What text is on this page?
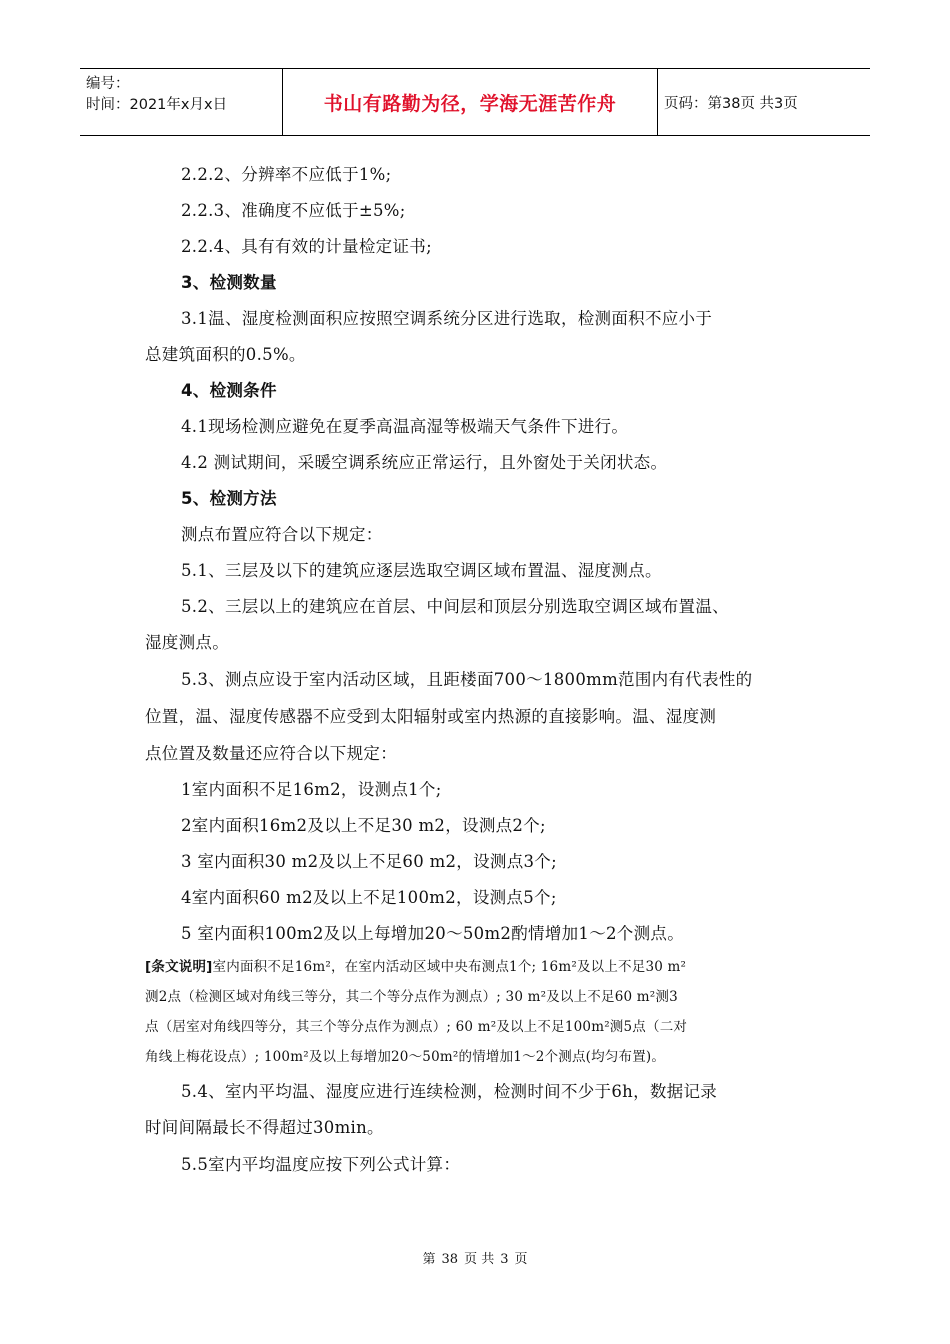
编号：
时间：2021年x月x日	书山有路勤为径，学海无涯苦作舟	页码：第38页 共3页
2.2.2、分辨率不应低于1%;
2.2.3、准确度不应低于±5%;
2.2.4、具有有效的计量检定证书;
3、检测数量
3.1温、湿度检测面积应按照空调系统分区进行选取，检测面积不应小于
总建筑面积的0.5%。
4、检测条件
4.1现场检测应避免在夏季高温高湿等极端天气条件下进行。
4.2 测试期间，采暖空调系统应正常运行，且外窗处于关闭状态。
5、检测方法
测点布置应符合以下规定：
5.1、三层及以下的建筑应逐层选取空调区域布置温、湿度测点。
5.2、三层以上的建筑应在首层、中间层和顶层分别选取空调区域布置温、
湿度测点。
5.3、测点应设于室内活动区域，且距楼面700～1800mm范围内有代表性的
位置，温、湿度传感器不应受到太阳辐射或室内热源的直接影响。温、湿度测
点位置及数量还应符合以下规定：
1室内面积不足16m2，设测点1个;
2室内面积16m2及以上不足30 m2，设测点2个;
3 室内面积30 m2及以上不足60 m2，设测点3个;
4室内面积60 m2及以上不足100m2，设测点5个;
5 室内面积100m2及以上每增加20～50m2酌情增加1～2个测点。
[条文说明]室内面积不足16m²，在室内活动区域中央布测点1个; 16m²及以上不足30 m²
测2点（检测区域对角线三等分，其二个等分点作为测点）; 30 m²及以上不足60 m²测3
点（居室对角线四等分，其三个等分点作为测点）; 60 m²及以上不足100m²测5点（二对
角线上梅花设点）; 100m²及以上每增加20～50m²的情增加1～2个测点(均匀布置)。
5.4、室内平均温、湿度应进行连续检测，检测时间不少于6h，数据记录
时间间隔最长不得超过30min。
5.5室内平均温度应按下列公式计算：
第 38 页 共 3 页
